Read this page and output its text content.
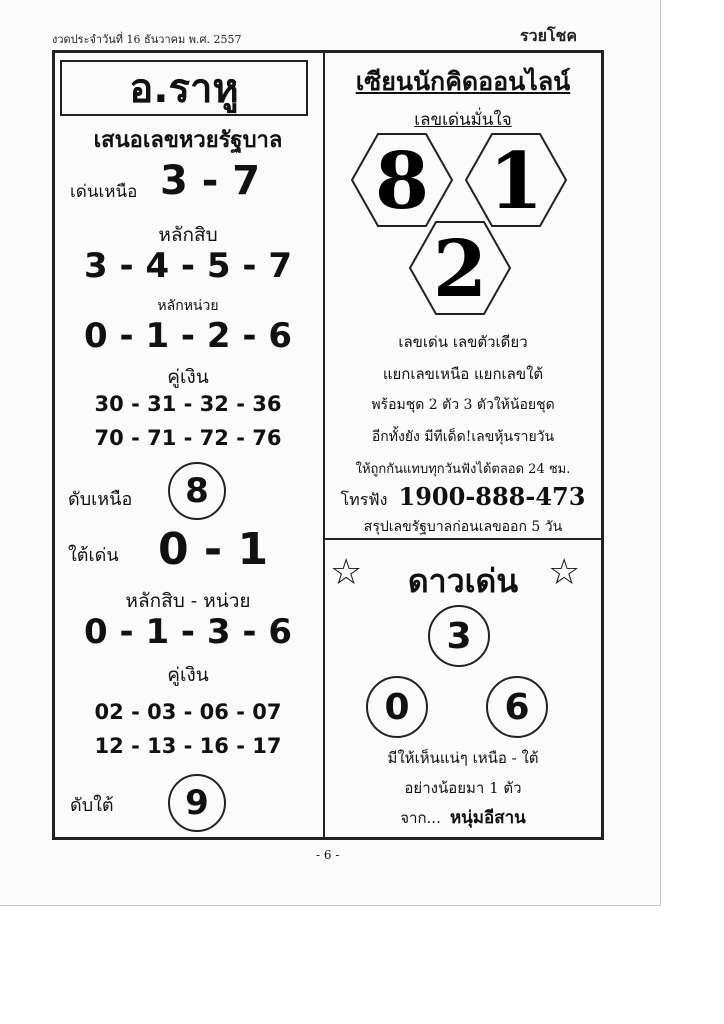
งวดประจำวันที่ 16 ธันวาคม พ.ศ. 2557	รวยโชค
อ.ราหู
เสนอเลขหวยรัฐบาล
เด่นเหนือ 3 - 7
หลักสิบ
3 - 4 - 5 - 7
หลักหน่วย
0 - 1 - 2 - 6
คู่เงิน
30 - 31 - 32 - 36
70 - 71 - 72 - 76
ดับเหนือ	8
ใต้เด่น 0 - 1
หลักสิบ - หน่วย
0 - 1 - 3 - 6
คู่เงิน
02 - 03 - 06 - 07
12 - 13 - 16 - 17
ดับใต้	9
เซียนนักคิดออนไลน์
เลขเด่นมั่นใจ
8 1
2
เลขเด่น เลขตัวเดียว
แยกเลขเหนือ แยกเลขใต้
พร้อมชุด 2 ตัว 3 ตัวให้น้อยชุด
อีกทั้งยัง มีทีเด็ด!เลขหุ้นรายวัน
ให้ถูกกันแทบทุกวันฟังได้ตลอด 24 ชม.
โทรฟัง 1900-888-473
สรุปเลขรัฐบาลก่อนเลขออก 5 วัน
☆	ดาวเด่น ☆
3
0	6
มีให้เห็นแน่ๆ เหนือ - ใต้
อย่างน้อยมา 1 ตัว
จาก... หนุ่มอีสาน
- 6 -
